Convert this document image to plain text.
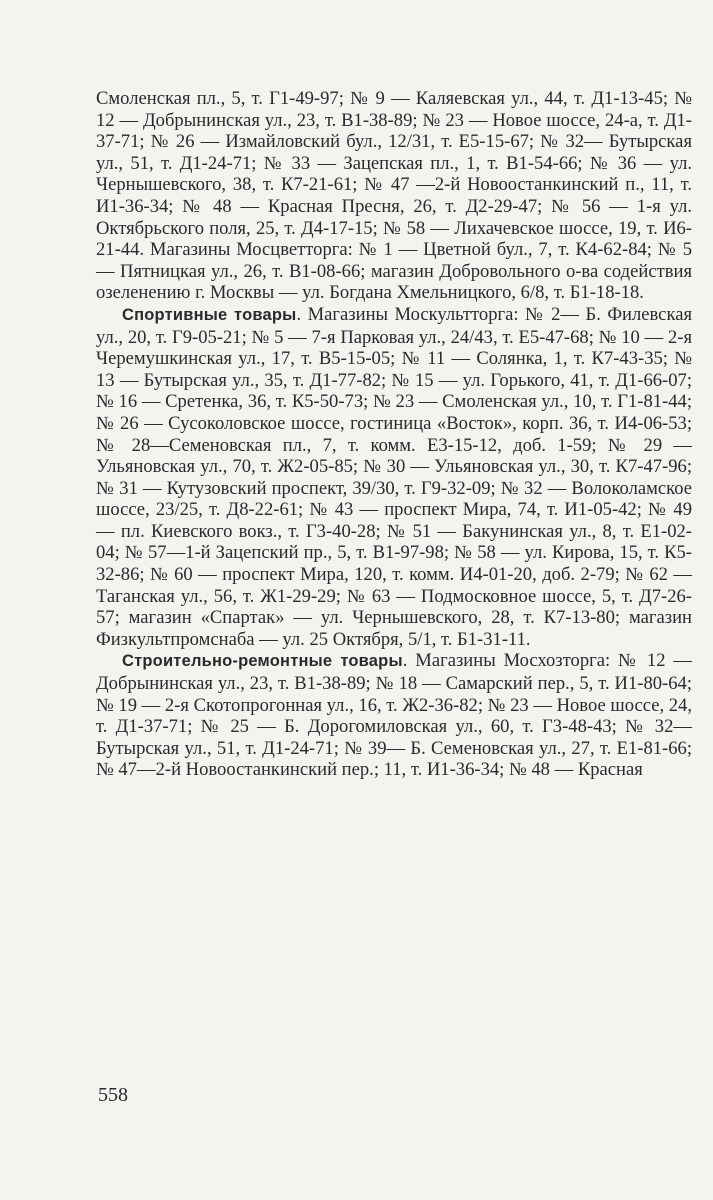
Смоленская пл., 5, т. Г1-49-97; № 9 — Каляевская ул., 44, т. Д1-13-45; № 12 — Добрынинская ул., 23, т. В1-38-89; № 23 — Новое шоссе, 24-а, т. Д1-37-71; № 26 — Измайловский бул., 12/31, т. Е5-15-67; № 32— Бутырская ул., 51, т. Д1-24-71; № 33 — Зацепская пл., 1, т. В1-54-66; № 36 — ул. Чернышевского, 38, т. К7-21-61; № 47 —2-й Новоостанкинский п., 11, т. И1-36-34; № 48 — Красная Пресня, 26, т. Д2-29-47; № 56 — 1-я ул. Октябрьского поля, 25, т. Д4-17-15; № 58 — Лихачевское шоссе, 19, т. И6-21-44. Магазины Мосцветторга: № 1 — Цветной бул., 7, т. К4-62-84; № 5 — Пятницкая ул., 26, т. В1-08-66; магазин Добровольного о-ва содействия озеленению г. Москвы — ул. Богдана Хмельницкого, 6/8, т. Б1-18-18.

Спортивные товары. Магазины Москультторга: № 2— Б. Филевская ул., 20, т. Г9-05-21; № 5 — 7-я Парковая ул., 24/43, т. Е5-47-68; № 10 — 2-я Черемушкинская ул., 17, т. В5-15-05; № 11 — Солянка, 1, т. К7-43-35; № 13 — Бутырская ул., 35, т. Д1-77-82; № 15 — ул. Горького, 41, т. Д1-66-07; № 16 — Сретенка, 36, т. К5-50-73; № 23 — Смоленская ул., 10, т. Г1-81-44; № 26 — Сусоколовское шоссе, гостиница «Восток», корп. 36, т. И4-06-53; № 28—Семеновская пл., 7, т. комм. Е3-15-12, доб. 1-59; № 29 — Ульяновская ул., 70, т. Ж2-05-85; № 30 — Ульяновская ул., 30, т. К7-47-96; № 31 — Кутузовский проспект, 39/30, т. Г9-32-09; № 32 — Волоколамское шоссе, 23/25, т. Д8-22-61; № 43 — проспект Мира, 74, т. И1-05-42; № 49 — пл. Киевского вокз., т. Г3-40-28; № 51 — Бакунинская ул., 8, т. Е1-02-04; № 57—1-й Зацепский пр., 5, т. В1-97-98; № 58 — ул. Кирова, 15, т. К5-32-86; № 60 — проспект Мира, 120, т. комм. И4-01-20, доб. 2-79; № 62 — Таганская ул., 56, т. Ж1-29-29; № 63 — Подмосковное шоссе, 5, т. Д7-26-57; магазин «Спартак» — ул. Чернышевского, 28, т. К7-13-80; магазин Физкультпромснаба — ул. 25 Октября, 5/1, т. Б1-31-11.

Строительно-ремонтные товары. Магазины Мосхозторга: № 12 — Добрынинская ул., 23, т. В1-38-89; № 18 — Самарский пер., 5, т. И1-80-64; № 19 — 2-я Скотопрогонная ул., 16, т. Ж2-36-82; № 23 — Новое шоссе, 24, т. Д1-37-71; № 25 — Б. Дорогомиловская ул., 60, т. Г3-48-43; № 32—Бутырская ул., 51, т. Д1-24-71; № 39— Б. Семеновская ул., 27, т. Е1-81-66; № 47—2-й Новоостанкинский пер.; 11, т. И1-36-34; № 48 — Красная

558
